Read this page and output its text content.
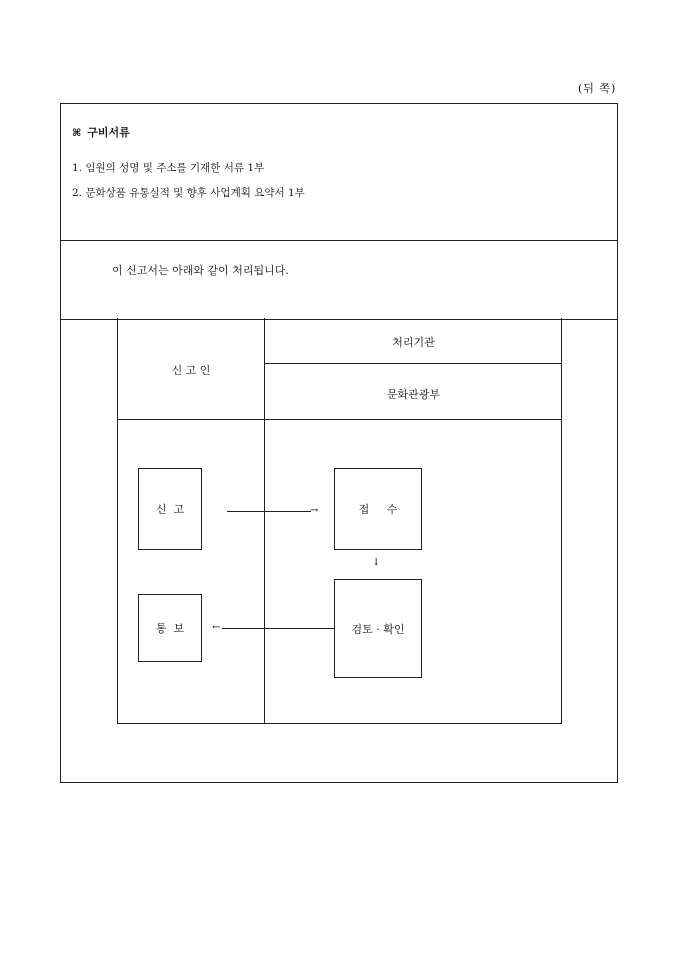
(뒤 쪽)
⌘ 구비서류
1. 임원의 성명 및 주소를 기재한 서류 1부
2. 문화상품 유통실적 및 향후 사업계획 요약서 1부
이 신고서는 아래와 같이 처리됩니다.
신 고 인
처리기관
문화관광부
신  고	접     수
검토 · 확인
통  보
→
↓
←
